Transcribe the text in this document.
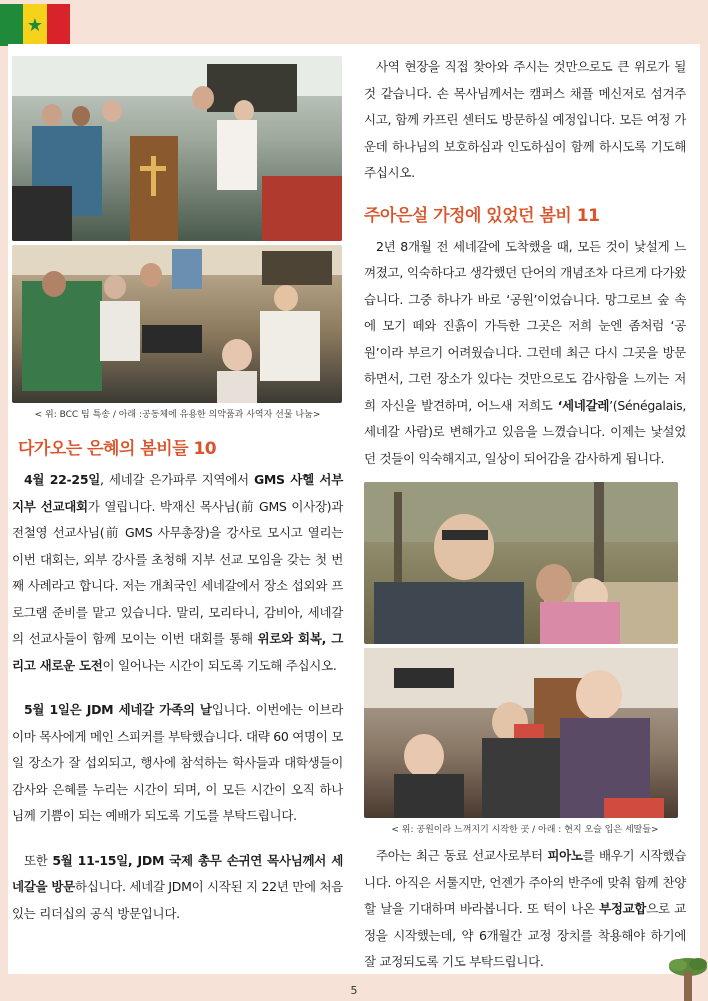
★
< 위: BCC 팀 특송 / 아래 :공동체에 유용한 의약품과 사역자 선물 나눔>
다가오는 은혜의 봄비들 10

4월 22-25일, 세네갈 은가파루 지역에서 GMS 사헬 서부지부 선교대회가 열립니다. 박재신 목사님(前 GMS 이사장)과 전철영 선교사님(前 GMS 사무총장)을 강사로 모시고 열리는 이번 대회는, 외부 강사를 초청해 지부 선교 모임을 갖는 첫 번째 사례라고 합니다. 저는 개최국인 세네갈에서 장소 섭외와 프로그램 준비를 맡고 있습니다. 말리, 모리타니, 감비아, 세네갈의 선교사들이 함께 모이는 이번 대회를 통해 위로와 회복, 그리고 새로운 도전이 일어나는 시간이 되도록 기도해 주십시오.

5월 1일은 JDM 세네갈 가족의 날입니다. 이번에는 이브라이마 목사에게 메인 스피커를 부탁했습니다. 대략 60 여명이 모일 장소가 잘 섭외되고, 행사에 참석하는 학사들과 대학생들이 감사와 은혜를 누리는 시간이 되며, 이 모든 시간이 오직 하나님께 기쁨이 되는 예배가 되도록 기도를 부탁드립니다.

또한 5월 11-15일, JDM 국제 총무 손귀연 목사님께서 세네갈을 방문하십니다. 세네갈 JDM이 시작된 지 22년 만에 처음 있는 리더십의 공식 방문입니다.

사역 현장을 직접 찾아와 주시는 것만으로도 큰 위로가 될 것 같습니다. 손 목사님께서는 캠퍼스 채플 메신저로 섬겨주시고, 함께 카프린 센터도 방문하실 예정입니다. 모든 여정 가운데 하나님의 보호하심과 인도하심이 함께 하시도록 기도해 주십시오.

주아은설 가정에 있었던 봄비 11

2년 8개월 전 세네갈에 도착했을 때, 모든 것이 낯설게 느껴졌고, 익숙하다고 생각했던 단어의 개념조차 다르게 다가왔습니다. 그중 하나가 바로 ‘공원’이었습니다. 망그로브 숲 속에 모기 떼와 진흙이 가득한 그곳은 저희 눈엔 좀처럼 ‘공원’이라 부르기 어려웠습니다. 그런데 최근 다시 그곳을 방문하면서, 그런 장소가 있다는 것만으로도 감사함을 느끼는 저희 자신을 발견하며, 어느새 저희도 ‘세네갈레’(Sénégalais, 세네갈 사람)로 변해가고 있음을 느꼈습니다. 이제는 낯설었던 것들이 익숙해지고, 일상이 되어감을 감사하게 됩니다.

< 위: 공원이라 느껴지기 시작한 곳 / 아래 : 현지 오슬 입은 세딸들>

주아는 최근 동료 선교사로부터 피아노를 배우기 시작했습니다. 아직은 서툴지만, 언젠가 주아의 반주에 맞춰 함께 찬양할 날을 기대하며 바라봅니다. 또 턱이 나온 부정교합으로 교정을 시작했는데, 약 6개월간 교정 장치를 착용해야 하기에 잘 교정되도록 기도 부탁드립니다.

5
